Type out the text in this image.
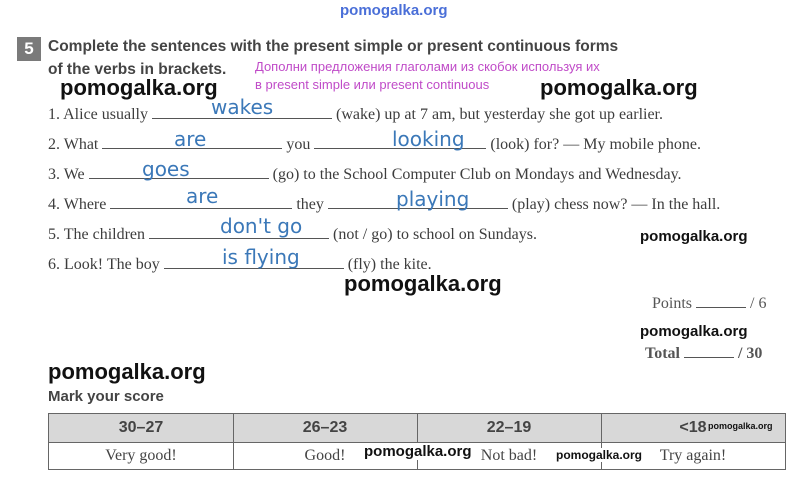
pomogalka.org
5 Complete the sentences with the present simple or present continuous forms
of the verbs in brackets. Дополни предложения глаголами из скобок используя их
в present simple или present continuous
pomogalka.org	pomogalka.org
1. Alice usually	(wake) up at 7 am, but yesterday she got up earlier.
wakes
2. What	you	(look) for? — My mobile phone.
are	looking
3. We	(go) to the School Computer Club on Mondays and Wednesday.
goes
4. Where	they	(play) chess now? — In the hall.
are	playing
5. The children	(not / go) to school on Sundays.
don't go
6. Look! The boy	(fly) the kite.
is flying
pomogalka.org
pomogalka.org
Points	/ 6
pomogalka.org
Total	/ 30
pomogalka.org
Mark your score
30–27	26–23	22–19	<18
Very good!	Good!	Not bad!	Try again!
pomogalka.org
pomogalka.org	pomogalka.org
